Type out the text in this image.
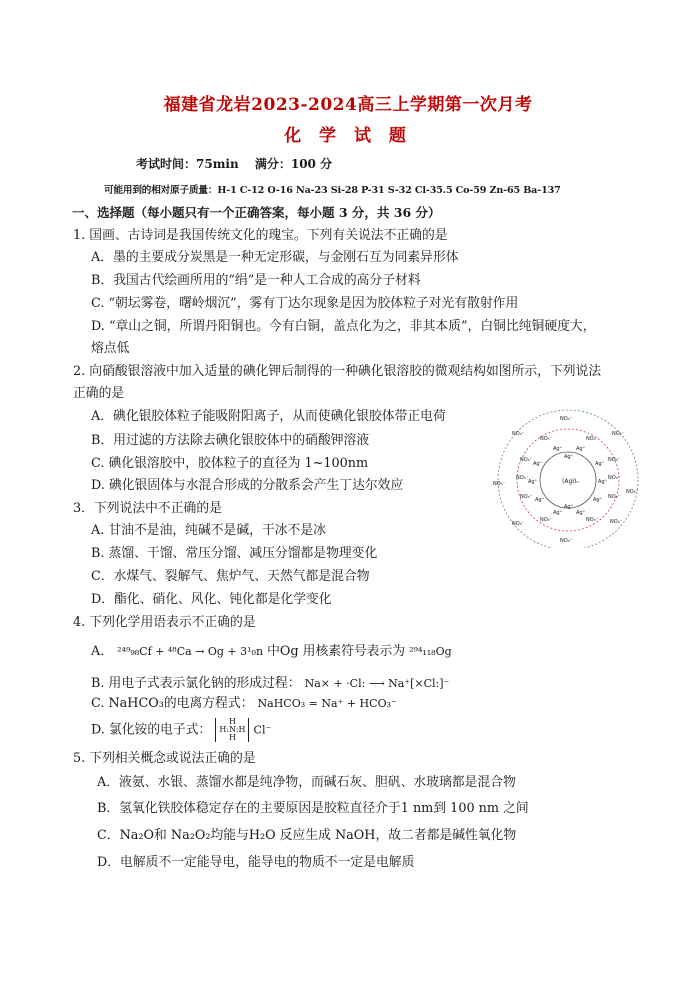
福建省龙岩2023-2024高三上学期第一次月考
化 学 试 题
考试时间：75min　 满分：100 分
可能用到的相对原子质量：H-1 C-12 O-16 Na-23 Si-28 P-31 S-32 Cl-35.5 Co-59 Zn-65 Ba-137
一、选择题（每小题只有一个正确答案，每小题 3 分，共 36 分）
1. 国画、古诗词是我国传统文化的瑰宝。下列有关说法不正确的是
A．墨的主要成分炭黑是一种无定形碳，与金刚石互为同素异形体
B．我国古代绘画所用的“绢”是一种人工合成的高分子材料
C. “朝坛雾卷，曙岭烟沉”，雾有丁达尔现象是因为胶体粒子对光有散射作用
D. “章山之铜，所谓丹阳铜也。今有白铜，盖点化为之，非其本质”，白铜比纯铜硬度大，
熔点低
2. 向硝酸银溶液中加入适量的碘化钾后制得的一种碘化银溶胶的微观结构如图所示，下列说法
正确的是
A．碘化银胶体粒子能吸附阳离子，从而使碘化银胶体带正电荷
B．用过滤的方法除去碘化银胶体中的硝酸钾溶液
C. 碘化银溶胶中，胶体粒子的直径为 1~100nm
D. 碘化银固体与水混合形成的分散系会产生丁达尔效应	(AgI)ₙ
Ag⁺	Ag⁺
Ag⁺	Ag⁺
Ag⁺	Ag⁺
Ag⁺	Ag⁺
Ag⁺	Ag⁺
Ag⁺
Ag⁺
NO₃⁻
NO₃⁻	NO₃⁻
NO₃⁻	NO₃⁻
NO₃⁻	NO₃⁻
NO₃⁻	NO₃⁻
NO₃⁻
NO₃⁻
NO₃⁻	NO₃⁻
NO₃⁻	NO₃⁻
NO₃⁻	NO₃⁻
NO₃⁻
3．下列说法中不正确的是
A. 甘油不是油，纯碱不是碱，干冰不是冰
B. 蒸馏、干馏、常压分馏、减压分馏都是物理变化
C．水煤气、裂解气、焦炉气、天然气都是混合物
D．酯化、硝化、风化、钝化都是化学变化
4. 下列化学用语表示不正确的是
A． ²⁴⁹₉₈Cf + ⁴⁸Ca → Og + 3¹₀n 中Og 用核素符号表示为 ²⁹⁴₁₁₈Og
B. 用电子式表示氯化钠的形成过程： Na× + ·Cl: ⟶ Na⁺[×Cl:]⁻
C. NaHCO₃的电离方程式： NaHCO₃ = Na⁺ + HCO₃⁻
D. 氯化铵的电子式： H
H:N:H
H Cl⁻
5. 下列相关概念或说法正确的是
A．液氨、水银、蒸馏水都是纯净物，而碱石灰、胆矾、水玻璃都是混合物
B．氢氧化铁胶体稳定存在的主要原因是胶粒直径介于1 nm到 100 nm 之间
C．Na₂O和 Na₂O₂均能与H₂O 反应生成 NaOH，故二者都是碱性氧化物
D．电解质不一定能导电，能导电的物质不一定是电解质
